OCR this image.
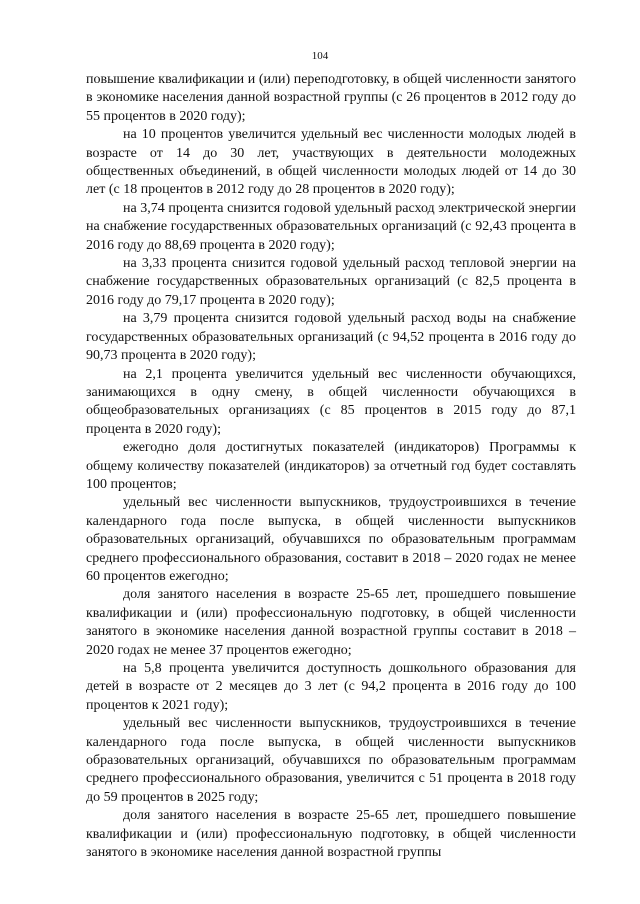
104

повышение квалификации и (или) переподготовку, в общей численности занятого в экономике населения данной возрастной группы (с 26 процентов в 2012 году до 55 процентов в 2020 году);

на 10 процентов увеличится удельный вес численности молодых людей в возрасте от 14 до 30 лет, участвующих в деятельности молодежных общественных объединений, в общей численности молодых людей от 14 до 30 лет (с 18 процентов в 2012 году до 28 процентов в 2020 году);

на 3,74 процента снизится годовой удельный расход электрической энергии на снабжение государственных образовательных организаций (с 92,43 процента в 2016 году до 88,69 процента в 2020 году);

на 3,33 процента снизится годовой удельный расход тепловой энергии на снабжение государственных образовательных организаций (с 82,5 процента в 2016 году до 79,17 процента в 2020 году);

на 3,79 процента снизится годовой удельный расход воды на снабжение государственных образовательных организаций (с 94,52 процента в 2016 году до 90,73 процента в 2020 году);

на 2,1 процента увеличится удельный вес численности обучающихся, занимающихся в одну смену, в общей численности обучающихся в общеобразовательных организациях (с 85 процентов в 2015 году до 87,1 процента в 2020 году);

ежегодно доля достигнутых показателей (индикаторов) Программы к общему количеству показателей (индикаторов) за отчетный год будет составлять 100 процентов;

удельный вес численности выпускников, трудоустроившихся в течение календарного года после выпуска, в общей численности выпускников образовательных организаций, обучавшихся по образовательным программам среднего профессионального образования, составит в 2018 – 2020 годах не менее 60 процентов ежегодно;

доля занятого населения в возрасте 25-65 лет, прошедшего повышение квалификации и (или) профессиональную подготовку, в общей численности занятого в экономике населения данной возрастной группы составит в 2018 – 2020 годах не менее 37 процентов ежегодно;

на 5,8 процента увеличится доступность дошкольного образования для детей в возрасте от 2 месяцев до 3 лет (с 94,2 процента в 2016 году до 100 процентов к 2021 году);

удельный вес численности выпускников, трудоустроившихся в течение календарного года после выпуска, в общей численности выпускников образовательных организаций, обучавшихся по образовательным программам среднего профессионального образования, увеличится с 51 процента в 2018 году до 59 процентов в 2025 году;

доля занятого населения в возрасте 25-65 лет, прошедшего повышение квалификации и (или) профессиональную подготовку, в общей численности занятого в экономике населения данной возрастной группы
